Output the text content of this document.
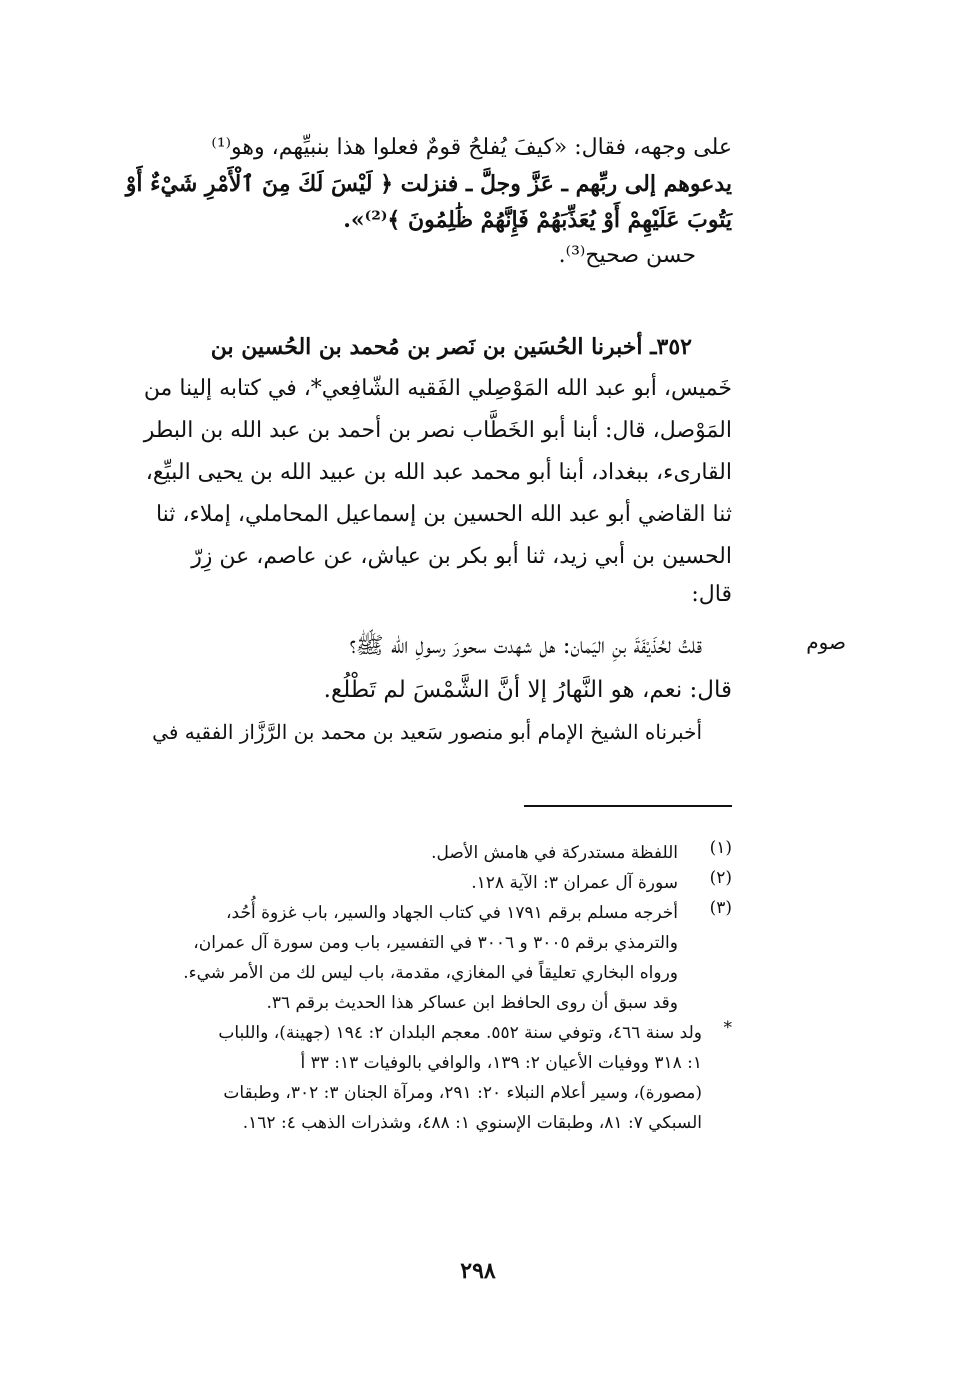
على وجهه، فقال: «كيفَ يُفلحُ قومٌ فعلوا هذا بنبيِّهم، وهو⁽¹⁾
يدعوهم إلى ربِّهم ـ عَزَّ وجلَّ ـ فنزلت ﴿ لَيْسَ لَكَ مِنَ ٱلْأَمْرِ شَيْءٌ أَوْ
يَتُوبَ عَلَيْهِمْ أَوْ يُعَذِّبَهُمْ فَإِنَّهُمْ ظَٰلِمُونَ ﴾⁽²⁾».
حسن صحيح⁽³⁾.
٣٥٢ـ أخبرنا الحُسَين بن نَصر بن مُحمد بن الحُسين بن
خَميس، أبو عبد الله المَوْصِلي الفَقيه الشّافِعي*، في كتابه إلينا من
المَوْصل، قال: أبنا أبو الخَطَّاب نصر بن أحمد بن عبد الله بن البطر
القارىء، ببغداد، أبنا أبو محمد عبد الله بن عبيد الله بن يحيى البيِّع،
ثنا القاضي أبو عبد الله الحسين بن إسماعيل المحاملي، إملاء، ثنا
الحسين بن أبي زيد، ثنا أبو بكر بن عياش، عن عاصم، عن زِرّ
قال:
صوم
قلتُ لحُذَيْفَةَ بنِ اليَمان: هل شهدت سحورَ رسولِ الله ﷺ؟
قال: نعم، هو النَّهارُ إلا أنَّ الشَّمْسَ لم تَطْلُع.
أخبرناه الشيخ الإمام أبو منصور سَعيد بن محمد بن الرَّزَّاز الفقيه في
(١)
اللفظة مستدركة في هامش الأصل.
(٢)
سورة آل عمران ٣: الآية ١٢٨.
(٣)
أخرجه مسلم برقم ١٧٩١ في كتاب الجهاد والسير، باب غزوة أُحُد،
والترمذي برقم ٣٠٠٥ و ٣٠٠٦ في التفسير، باب ومن سورة آل عمران،
ورواه البخاري تعليقاً في المغازي، مقدمة، باب ليس لك من الأمر شيء.
وقد سبق أن روى الحافظ ابن عساكر هذا الحديث برقم ٣٦.
*
ولد سنة ٤٦٦، وتوفي سنة ٥٥٢. معجم البلدان ٢: ١٩٤ (جهينة)، واللباب
١: ٣١٨ ووفيات الأعيان ٢: ١٣٩، والوافي بالوفيات ١٣: ٣٣ أ
(مصورة)، وسير أعلام النبلاء ٢٠: ٢٩١، ومرآة الجنان ٣: ٣٠٢، وطبقات
السبكي ٧: ٨١، وطبقات الإسنوي ١: ٤٨٨، وشذرات الذهب ٤: ١٦٢.
٢٩٨
